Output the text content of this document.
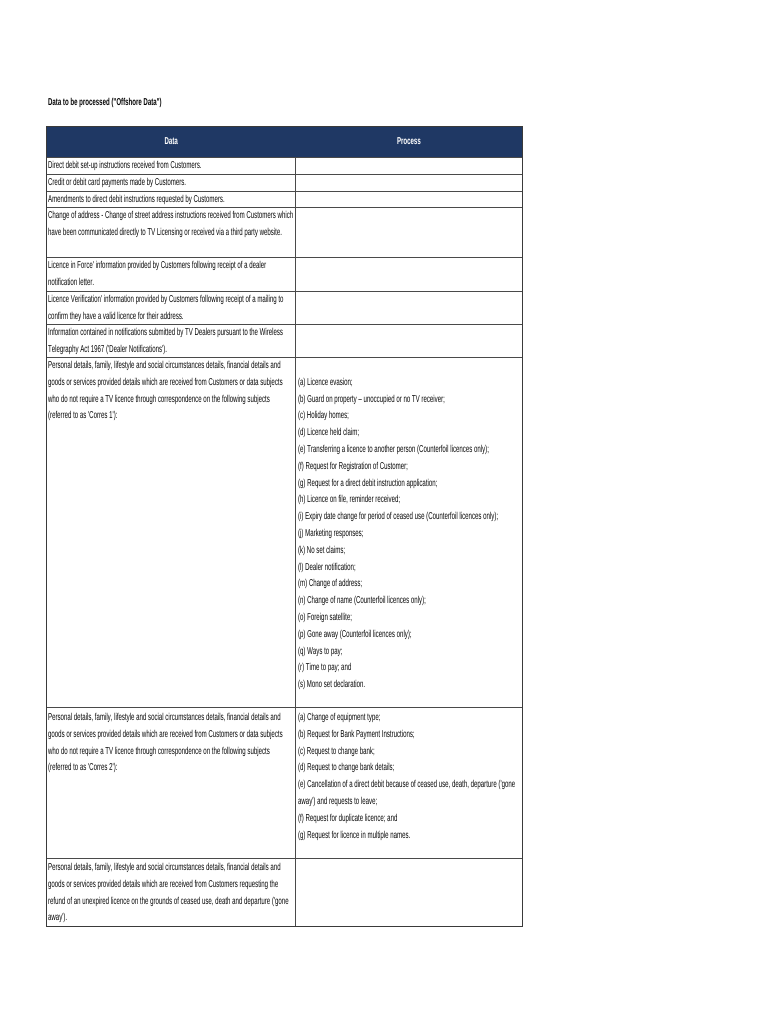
Data to be processed ("Offshore Data")
Data	Process
Direct debit set-up instructions received from Customers.
Credit or debit card payments made by Customers.
Amendments to direct debit instructions requested by Customers.
Change of address - Change of street address instructions received from Customers which have been communicated directly to TV Licensing or received via a third party website.
Licence in Force' information provided by Customers following receipt of a dealer notification letter.
Licence Verification' information provided by Customers following receipt of a mailing to confirm they have a valid licence for their address.
Information contained in notifications submitted by TV Dealers pursuant to the Wireless Telegraphy Act 1967 ('Dealer Notifications').
Personal details, family, lifestyle and social circumstances details, financial details and goods or services provided details which are received from Customers or data subjects who do not require a TV licence through correspondence on the following subjects (referred to as 'Corres 1'):
(a) Licence evasion;
(b) Guard on property – unoccupied or no TV receiver;
(c) Holiday homes;
(d) Licence held claim;
(e) Transferring a licence to another person (Counterfoil licences only);
(f) Request for Registration of Customer;
(g) Request for a direct debit instruction application;
(h) Licence on file, reminder received;
(i) Expiry date change for period of ceased use (Counterfoil licences only);
(j) Marketing responses;
(k) No set claims;
(l) Dealer notification;
(m) Change of address;
(n) Change of name (Counterfoil licences only);
(o) Foreign satellite;
(p) Gone away (Counterfoil licences only);
(q) Ways to pay;
(r) Time to pay; and
(s) Mono set declaration.
Personal details, family, lifestyle and social circumstances details, financial details and goods or services provided details which are received from Customers or data subjects who do not require a TV licence through correspondence on the following subjects (referred to as 'Corres 2'):
(a) Change of equipment type;
(b) Request for Bank Payment Instructions;
(c) Request to change bank;
(d) Request to change bank details;
(e) Cancellation of a direct debit because of ceased use, death, departure ('gone away') and requests to leave;
(f) Request for duplicate licence; and
(g) Request for licence in multiple names.
Personal details, family, lifestyle and social circumstances details, financial details and goods or services provided details which are received from Customers requesting the refund of an unexpired licence on the grounds of ceased use, death and departure ('gone away').
